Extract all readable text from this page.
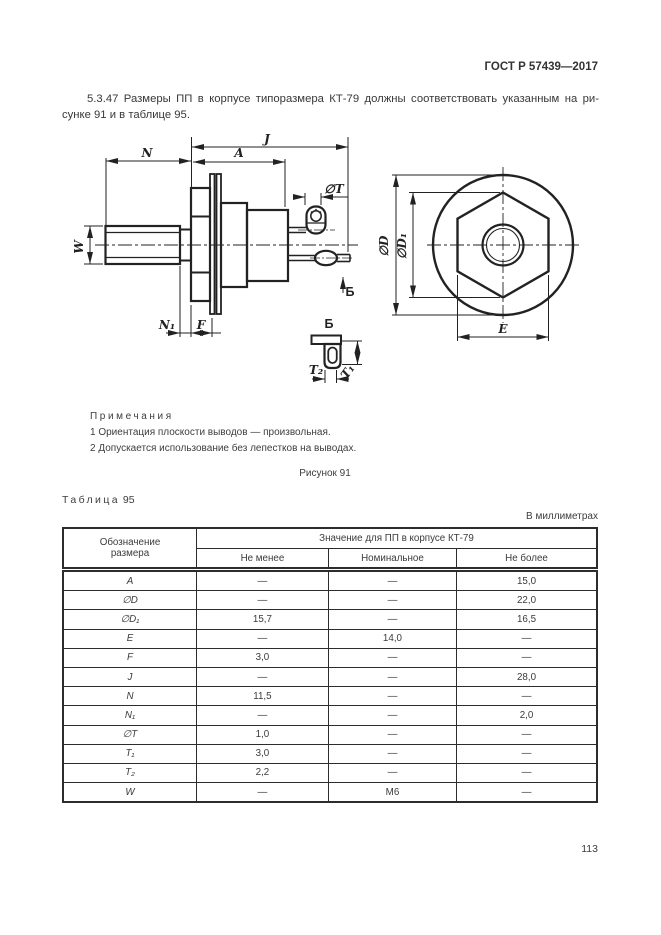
ГОСТ Р 57439—2017
5.3.47 Размеры ПП в корпусе типоразмера КТ-79 должны соответствовать указанным на ри-
сунке 91 и в таблице 95.
W
N
J
A
∅T
N₁ F
Б
Б
T₁
T₂
∅D ∅D₁
E
Примечания
1 Ориентация плоскости выводов — произвольная.
2 Допускается использование без лепестков на выводах.
Рисунок 91
Таблица 95
В миллиметрах
Обозначение
размера	Значение для ПП в корпусе КТ-79		
	Не менее	Номинальное	Не более
A	—	—	15,0
∅D	—	—	22,0
∅D₁	15,7	—	16,5
E	—	14,0	—
F	3,0	—	—
J	—	—	28,0
N	11,5	—	—
N₁	—	—	2,0
∅T	1,0	—	—
T₁	3,0	—	—
T₂	2,2	—	—
W	—	M6	—
113
